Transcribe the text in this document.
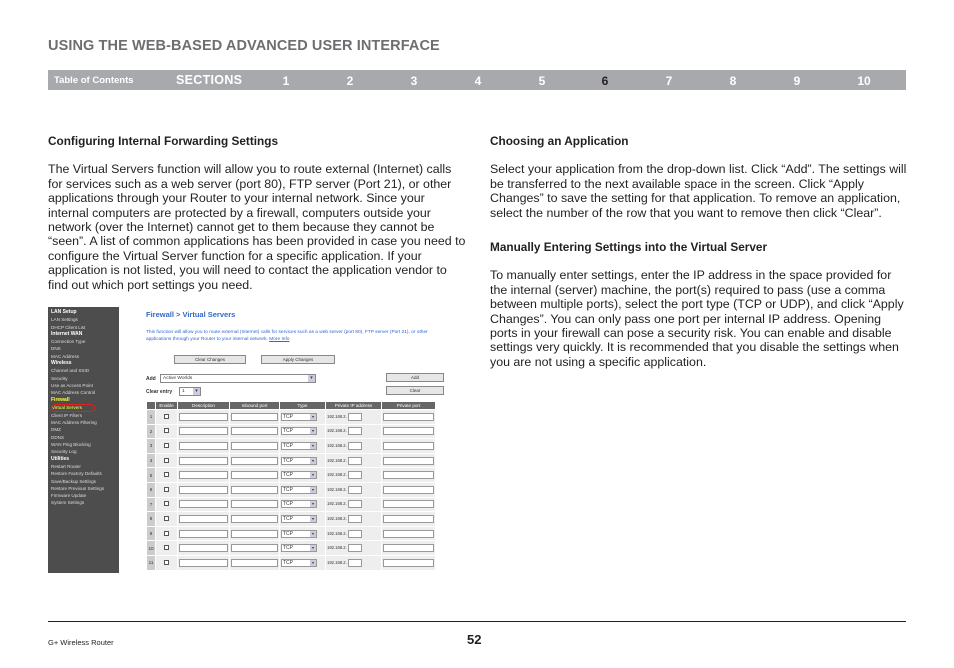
USING THE WEB-BASED ADVANCED USER INTERFACE
Table of Contents	SECTIONS	1	2	3	4	5	6	7	8	9	10
Configuring Internal Forwarding Settings

The Virtual Servers function will allow you to route external (Internet) calls for services such as a web server (port 80), FTP server (Port 21), or other applications through your Router to your internal network. Since your internal computers are protected by a firewall, computers outside your network (over the Internet) cannot get to them because they cannot be “seen”. A list of common applications has been provided in case you need to configure the Virtual Server function for a specific application. If your application is not listed, you will need to contact the application vendor to find out which port settings you need.

Choosing an Application

Select your application from the drop-down list. Click “Add”. The settings will be transferred to the next available space in the screen. Click “Apply Changes” to save the setting for that application. To remove an application, select the number of the row that you want to remove then click “Clear”.

Manually Entering Settings into the Virtual Server

To manually enter settings, enter the IP address in the space provided for the internal (server) machine, the port(s) required to pass (use a comma between multiple ports), select the port type (TCP or UDP), and click “Apply Changes”. You can only pass one port per internal IP address. Opening ports in your firewall can pose a security risk. You can enable and disable settings very quickly. It is recommended that you disable the settings when you are not using a specific application.

LAN Setup
LAN Settings
DHCP Client List
Internet WAN
Connection Type
DNS
MAC Address
Wireless
Channel and SSID
Security
Use as Access Point
MAC Address Control
Firewall
Virtual Servers
Client IP Filters
MAC Address Filtering
DMZ
DDNS
WAN Ping Blocking
Security Log
Utilities
Restart Router
Restore Factory Defaults
Save/Backup Settings
Restore Previous Settings
Firmware Update
System Settings
Firewall > Virtual Servers
This function will allow you to route external (Internet) calls for services such as a web server (port 80), FTP server (Port 21), or other applications through your Router to your internal network. More Info
Clear Changes	Apply Changes
Add	Active Worlds	▾	Add
Clear entry	1	▾	Clear
	Enable	Description	Inbound port	Type	Private IP address	Private port
1				TCP ▾	192.168.2.	

2				TCP ▾	192.168.2.	

3				TCP ▾	192.168.2.	

4				TCP ▾	192.168.2.	

5				TCP ▾	192.168.2.	

6				TCP ▾	192.168.2.	

7				TCP ▾	192.168.2.	

8				TCP ▾	192.168.2.	

9				TCP ▾	192.168.2.	

10				TCP ▾	192.168.2.	

11				TCP ▾	192.168.2.	
G+ Wireless Router	52
